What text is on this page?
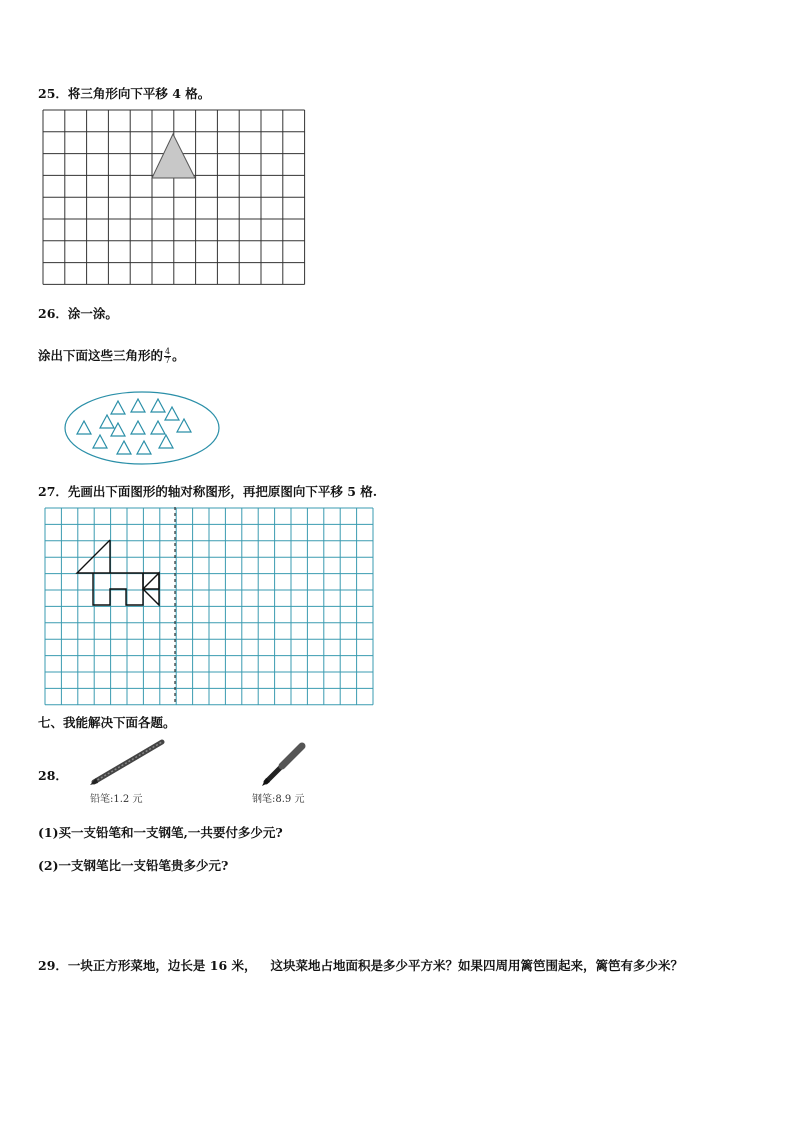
25．将三角形向下平移 4 格。
26．涂一涂。
涂出下面这些三角形的 $\frac{4}{7}$ 。
27．先画出下面图形的轴对称图形，再把原图向下平移 5 格.
七、我能解决下面各题。
28．
铅笔:1.2 元	钢笔:8.9 元
(1)买一支铅笔和一支钢笔,一共要付多少元?
(2)一支钢笔比一支铅笔贵多少元?
29．一块正方形菜地，边长是 16 米， 这块菜地占地面积是多少平方米？如果四周用篱笆围起来，篱笆有多少米？
